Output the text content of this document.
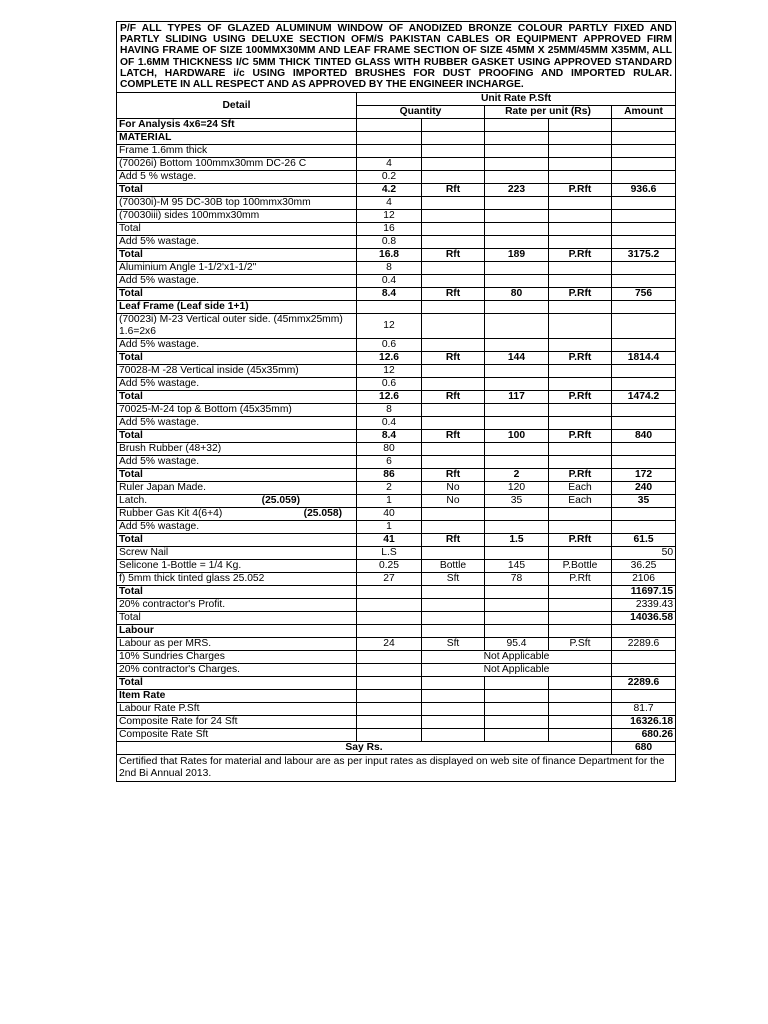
P/F ALL TYPES OF GLAZED ALUMINUM WINDOW OF ANODIZED BRONZE COLOUR PARTLY FIXED AND PARTLY SLIDING USING DELUXE SECTION OFM/S PAKISTAN CABLES OR EQUIPMENT APPROVED FIRM HAVING FRAME OF SIZE 100MMX30MM AND LEAF FRAME SECTION OF SIZE 45MM X 25MM/45MM X35MM, ALL OF 1.6MM THICKNESS I/C 5MM THICK TINTED GLASS WITH RUBBER GASKET USING APPROVED STANDARD LATCH, HARDWARE i/c USING IMPORTED BRUSHES FOR DUST PROOFING AND IMPORTED RULAR. COMPLETE IN ALL RESPECT AND AS APPROVED BY THE ENGINEER INCHARGE.					
Detail	Unit Rate P.Sft				
	Quantity		Rate per unit (Rs)		Amount
For Analysis 4x6=24 Sft					
MATERIAL					
Frame 1.6mm thick					
(70026i) Bottom 100mmx30mm DC-26 C	4				
Add 5 % wstage.	0.2				
Total	4.2	Rft	223	P.Rft	936.6
(70030i)-M 95 DC-30B top 100mmx30mm	4				
(70030iii) sides 100mmx30mm	12				
Total	16				
Add 5% wastage.	0.8				
Total	16.8	Rft	189	P.Rft	3175.2
Aluminium Angle 1-1/2'x1-1/2"	8				
Add 5% wastage.	0.4				
Total	8.4	Rft	80	P.Rft	756
Leaf Frame (Leaf side 1+1)					
(70023i) M-23 Vertical outer side. (45mmx25mm) 1.6=2x6	12				
Add 5% wastage.	0.6				
Total	12.6	Rft	144	P.Rft	1814.4
70028-M -28 Vertical inside (45x35mm)	12				
Add 5% wastage.	0.6				
Total	12.6	Rft	117	P.Rft	1474.2
70025-M-24 top & Bottom (45x35mm)	8				
Add 5% wastage.	0.4				
Total	8.4	Rft	100	P.Rft	840
Brush Rubber (48+32)	80				
Add 5% wastage.	6				
Total	86	Rft	2	P.Rft	172
Ruler Japan Made.	2	No	120	Each	240
Latch. (25.059)	1	No	35	Each	35
Rubber Gas Kit 4(6+4) (25.058)	40				
Add 5% wastage.	1				
Total	41	Rft	1.5	P.Rft	61.5
Screw Nail	L.S				50
Selicone 1-Bottle = 1/4 Kg.	0.25	Bottle	145	P.Bottle	36.25
f) 5mm thick tinted glass 25.052	27	Sft	78	P.Rft	2106
Total					11697.15
20% contractor's Profit.					2339.43
Total					14036.58
Labour					
Labour as per MRS.	24	Sft	95.4	P.Sft	2289.6
10% Sundries Charges		Not Applicable			
20% contractor's Charges.		Not Applicable			
Total					2289.6
Item Rate					
Labour Rate P.Sft					81.7
Composite Rate for 24 Sft					16326.18
Composite Rate Sft					680.26
Say Rs.					680
Certified that Rates for material and labour are as per input rates as displayed on web site of finance Department for the 2nd Bi Annual 2013.					
